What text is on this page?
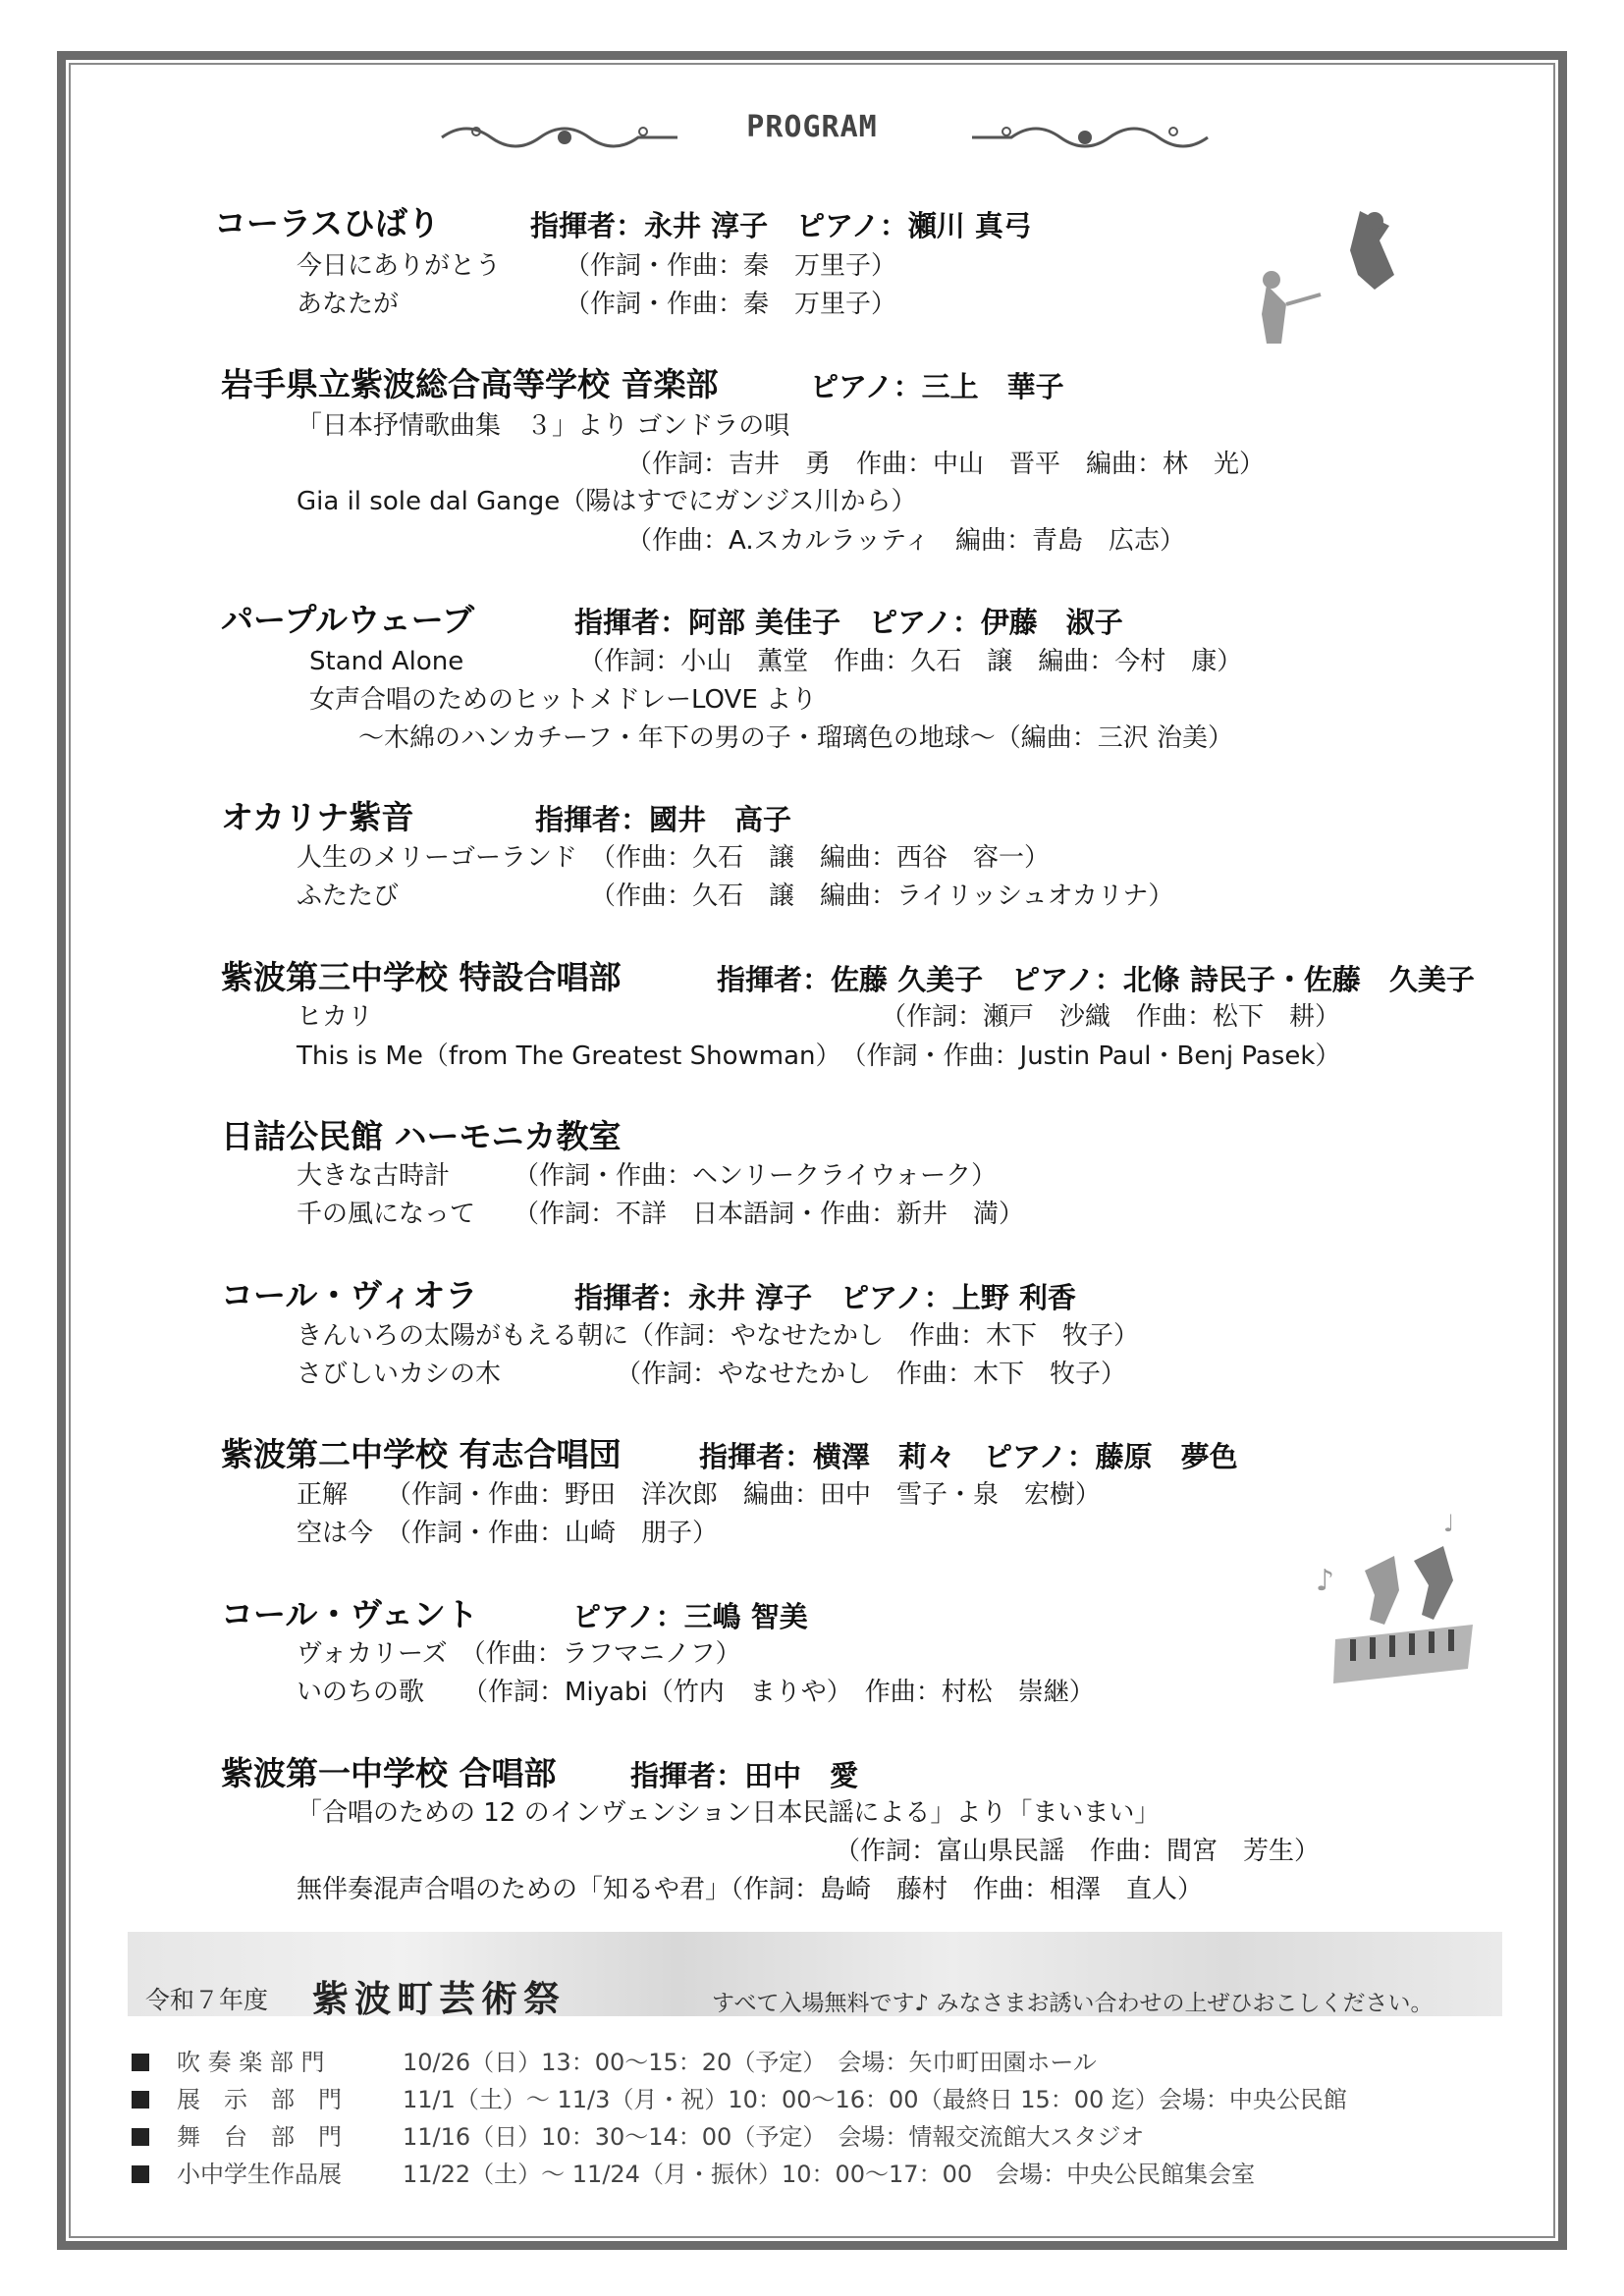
PROGRAM
♪
♩
コーラスひばり	指揮者：永井 淳子　ピアノ：瀬川 真弓
今日にありがとう　　　（作詞・作曲：秦　万里子）
あなたが　　　　　　　（作詞・作曲：秦　万里子）
岩手県立紫波総合高等学校 音楽部	ピアノ：三上　華子
「日本抒情歌曲集　３」より ゴンドラの唄
（作詞：吉井　勇　作曲：中山　晋平　編曲：林　光）
Gia il sole dal Gange（陽はすでにガンジス川から）
（作曲：A.スカルラッティ　編曲：青島　広志）
パープルウェーブ	指揮者：阿部 美佳子　ピアノ：伊藤　淑子
Stand Alone　　　　　（作詞：小山　薫堂　作曲：久石　譲　編曲：今村　康）
女声合唱のためのヒットメドレーLOVE より
～木綿のハンカチーフ・年下の男の子・瑠璃色の地球～（編曲：三沢 治美）
オカリナ紫音	指揮者：國井　高子
人生のメリーゴーランド　（作曲：久石　譲　編曲：西谷　容一）
ふたたび　　　　　　　　（作曲：久石　譲　編曲：ライリッシュオカリナ）
紫波第三中学校 特設合唱部	指揮者：佐藤 久美子　ピアノ：北條 詩民子・佐藤　久美子
ヒカリ	（作詞：瀬戸　沙織　作曲：松下　耕）
This is Me（from The Greatest Showman）　（作詞・作曲：Justin Paul・Benj Pasek）
日詰公民館 ハーモニカ教室
大きな古時計　　　（作詞・作曲：ヘンリークライウォーク）
千の風になって　　（作詞：不詳　日本語詞・作曲：新井　満）
コール・ヴィオラ	指揮者：永井 淳子　ピアノ：上野 利香
きんいろの太陽がもえる朝に（作詞：やなせたかし　作曲：木下　牧子）
さびしいカシの木　　　　　（作詞：やなせたかし　作曲：木下　牧子）
紫波第二中学校 有志合唱団	指揮者：横澤　莉々　ピアノ：藤原　夢色
正解　　（作詞・作曲：野田　洋次郎　編曲：田中　雪子・泉　宏樹）
空は今　（作詞・作曲：山崎　朋子）
コール・ヴェント	ピアノ：三嶋 智美
ヴォカリーズ　（作曲：ラフマニノフ）
いのちの歌　　（作詞：Miyabi（竹内　まりや）　作曲：村松　崇継）
紫波第一中学校 合唱部	指揮者：田中　愛
「合唱のための 12 のインヴェンション日本民謡による」より「まいまい」
（作詞：富山県民謡　作曲：間宮　芳生）
無伴奏混声合唱のための「知るや君」（作詞：島崎　藤村　作曲：相澤　直人）
令和７年度 紫波町芸術祭	すべて入場無料です♪ みなさまお誘い合わせの上ぜひおこしください。
吹 奏 楽 部 門	10/26（日）13：00～15：20（予定）　会場：矢巾町田園ホール
展　示　部　門	11/1（土）～ 11/3（月・祝）10：00～16：00（最終日 15：00 迄）会場：中央公民館
舞　台　部　門	11/16（日）10：30～14：00（予定）　会場：情報交流館大スタジオ
小中学生作品展	11/22（土）～ 11/24（月・振休）10：00～17：00　会場：中央公民館集会室
